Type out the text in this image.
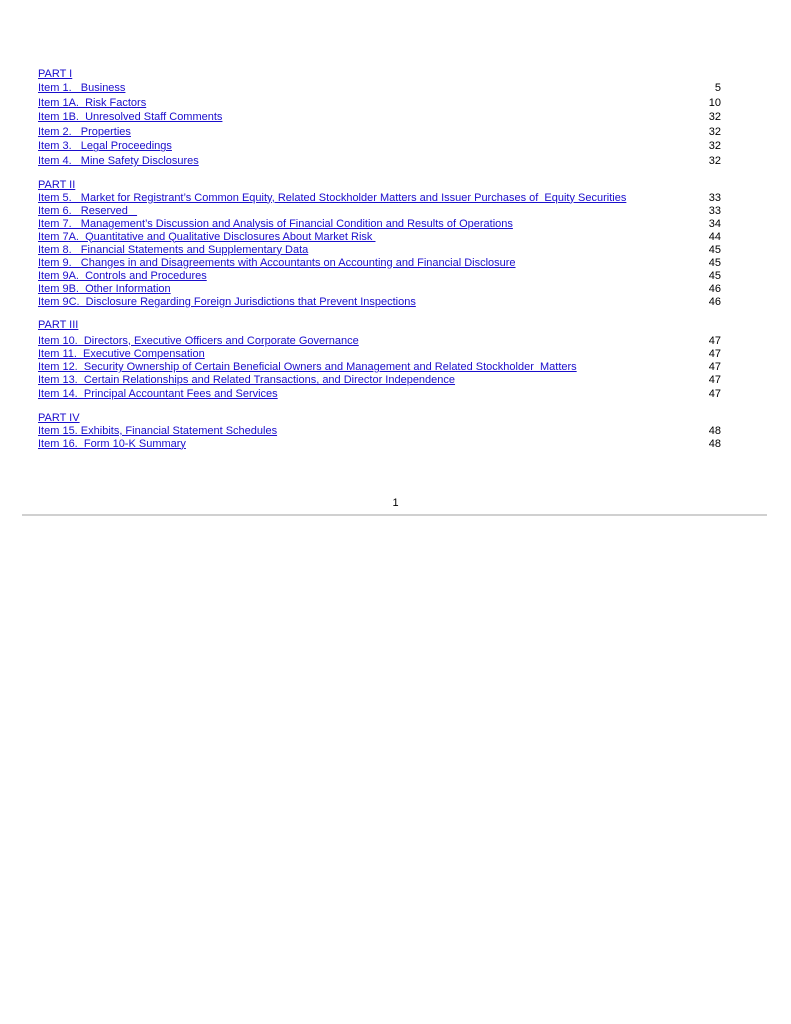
PART I
Item 1.   Business	5
Item 1A.  Risk Factors	10
Item 1B.  Unresolved Staff Comments	32
Item 2.   Properties	32
Item 3.   Legal Proceedings	32
Item 4.   Mine Safety Disclosures	32
PART II
Item 5.   Market for Registrant’s Common Equity, Related Stockholder Matters and Issuer Purchases of  Equity Securities	33
Item 6.   Reserved	33
Item 7.   Management’s Discussion and Analysis of Financial Condition and Results of Operations	34
Item 7A.  Quantitative and Qualitative Disclosures About Market Risk	44
Item 8.   Financial Statements and Supplementary Data	45
Item 9.   Changes in and Disagreements with Accountants on Accounting and Financial Disclosure	45
Item 9A.  Controls and Procedures	45
Item 9B.  Other Information	46
Item 9C.  Disclosure Regarding Foreign Jurisdictions that Prevent Inspections	46
PART III
Item 10.  Directors, Executive Officers and Corporate Governance	47
Item 11.  Executive Compensation	47
Item 12.  Security Ownership of Certain Beneficial Owners and Management and Related Stockholder  Matters	47
Item 13.  Certain Relationships and Related Transactions, and Director Independence	47
Item 14.  Principal Accountant Fees and Services	47
PART IV
Item 15. Exhibits, Financial Statement Schedules	48
Item 16.  Form 10-K Summary	48
1
